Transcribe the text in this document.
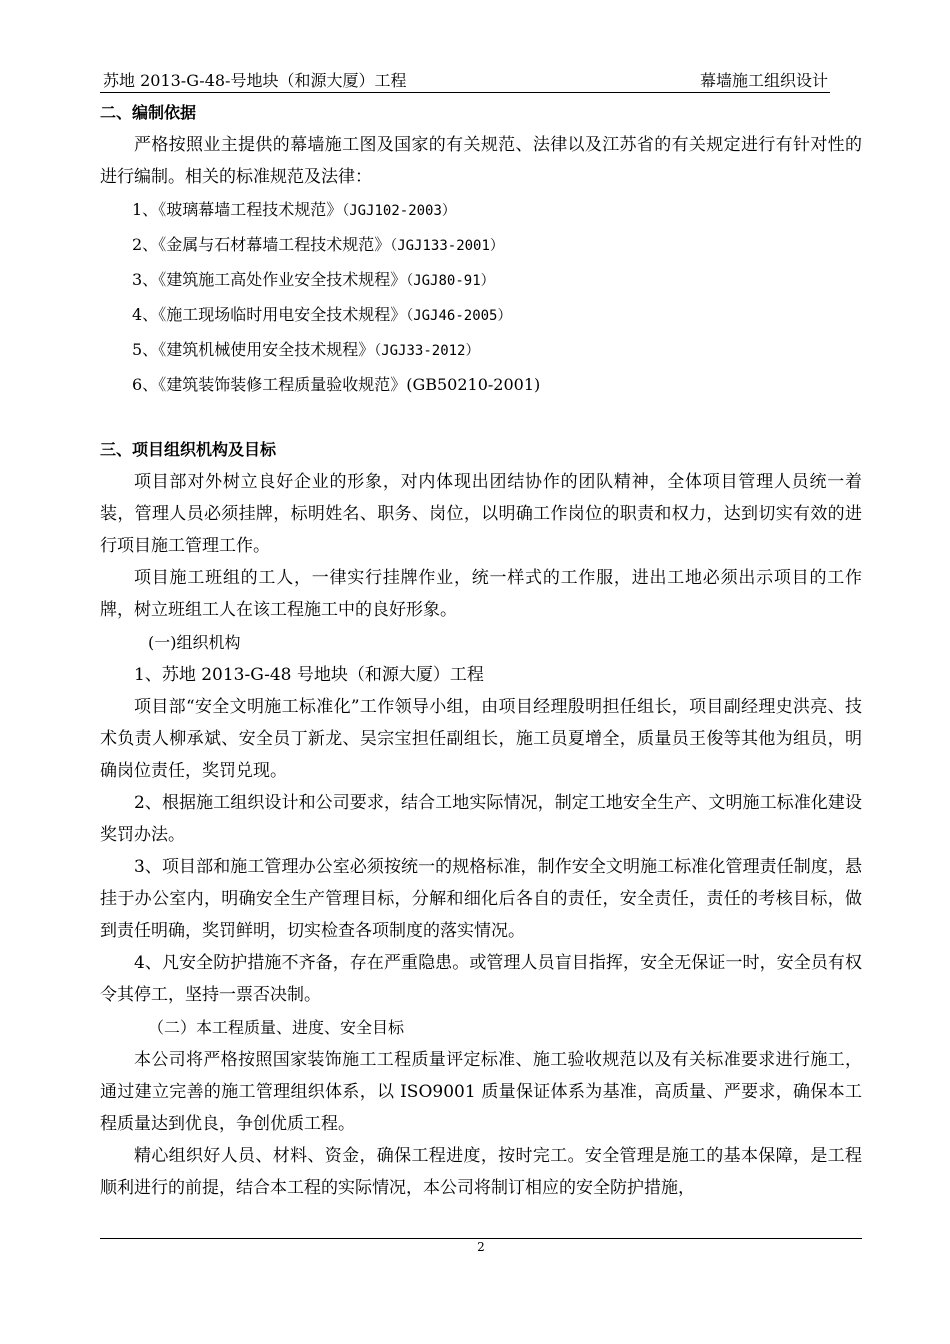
苏地 2013-G-48-号地块（和源大厦）工程	幕墙施工组织设计
二、编制依据

严格按照业主提供的幕墙施工图及国家的有关规范、法律以及江苏省的有关规定进行有针对性的进行编制。相关的标准规范及法律：

1、《玻璃幕墙工程技术规范》（JGJ102-2003）
2、《金属与石材幕墙工程技术规范》（JGJ133-2001）
3、《建筑施工高处作业安全技术规程》（JGJ80-91）
4、《施工现场临时用电安全技术规程》（JGJ46-2005）
5、《建筑机械使用安全技术规程》（JGJ33-2012）
6、《建筑装饰装修工程质量验收规范》(GB50210-2001)
三、项目组织机构及目标

项目部对外树立良好企业的形象，对内体现出团结协作的团队精神，全体项目管理人员统一着装，管理人员必须挂牌，标明姓名、职务、岗位，以明确工作岗位的职责和权力，达到切实有效的进行项目施工管理工作。

项目施工班组的工人，一律实行挂牌作业，统一样式的工作服，进出工地必须出示项目的工作牌，树立班组工人在该工程施工中的良好形象。

(一)组织机构

1、苏地 2013-G-48 号地块（和源大厦）工程

项目部“安全文明施工标准化”工作领导小组，由项目经理殷明担任组长，项目副经理史洪亮、技术负责人柳承斌、安全员丁新龙、吴宗宝担任副组长，施工员夏增全，质量员王俊等其他为组员，明确岗位责任，奖罚兑现。

2、根据施工组织设计和公司要求，结合工地实际情况，制定工地安全生产、文明施工标准化建设奖罚办法。

3、项目部和施工管理办公室必须按统一的规格标准，制作安全文明施工标准化管理责任制度，悬挂于办公室内，明确安全生产管理目标，分解和细化后各自的责任，安全责任，责任的考核目标，做到责任明确，奖罚鲜明，切实检查各项制度的落实情况。

4、凡安全防护措施不齐备，存在严重隐患。或管理人员盲目指挥，安全无保证一时，安全员有权令其停工，坚持一票否决制。

（二）本工程质量、进度、安全目标

本公司将严格按照国家装饰施工工程质量评定标准、施工验收规范以及有关标准要求进行施工，通过建立完善的施工管理组织体系，以 ISO9001 质量保证体系为基准，高质量、严要求，确保本工程质量达到优良，争创优质工程。

精心组织好人员、材料、资金，确保工程进度，按时完工。安全管理是施工的基本保障，是工程顺利进行的前提，结合本工程的实际情况，本公司将制订相应的安全防护措施，

2
